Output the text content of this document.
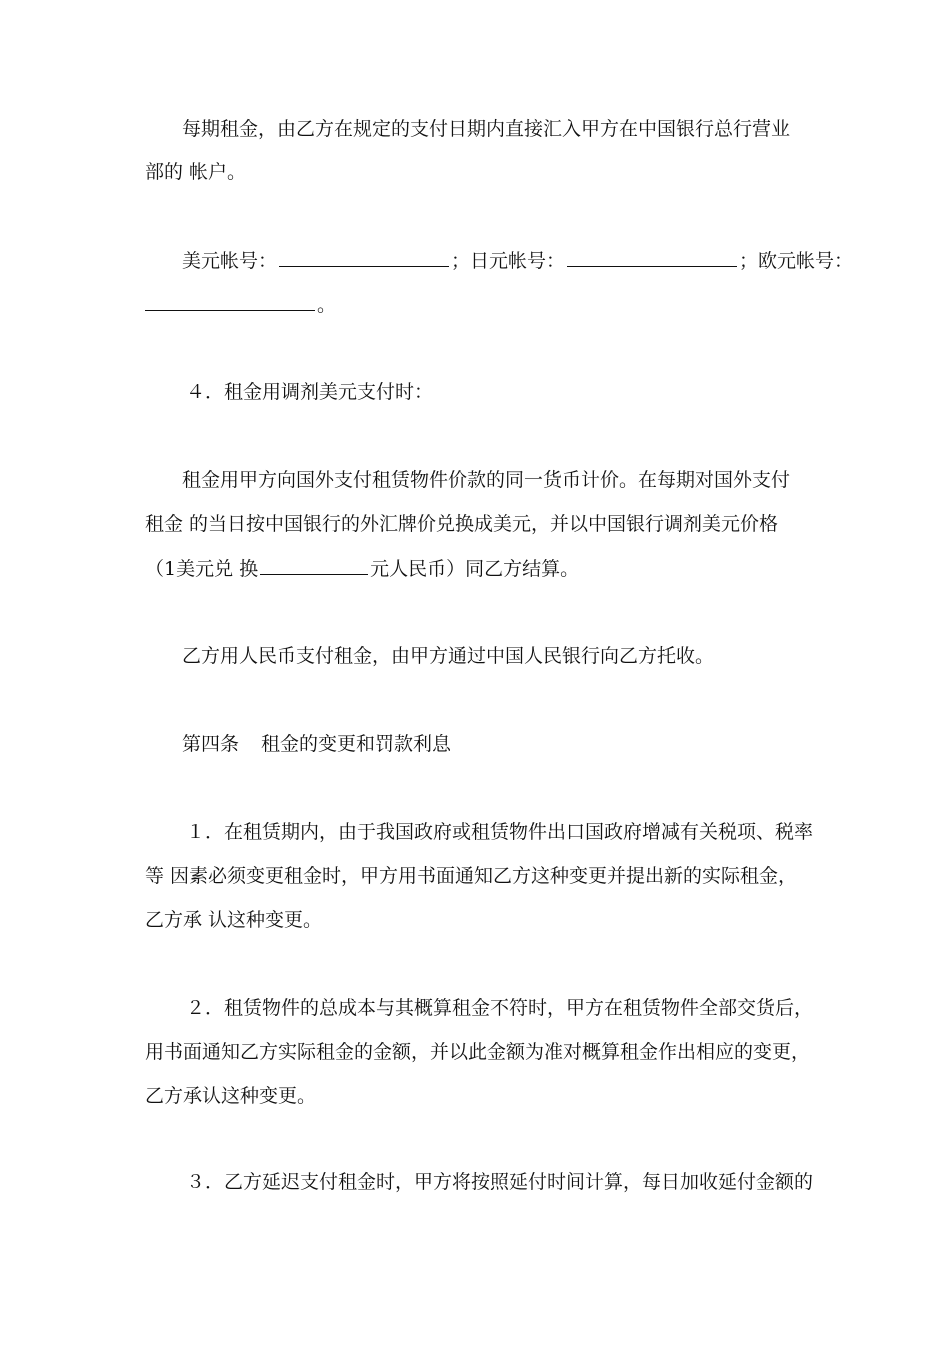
每期租金，由乙方在规定的支付日期内直接汇入甲方在中国银行总行营业
部的 帐户。
美元帐号：	；日元帐号：	；欧元帐号：
。
４．租金用调剂美元支付时：
租金用甲方向国外支付租赁物件价款的同一货币计价。在每期对国外支付
租金 的当日按中国银行的外汇牌价兑换成美元，并以中国银行调剂美元价格
（1美元兑 换	元人民币）同乙方结算。
乙方用人民币支付租金，由甲方通过中国人民银行向乙方托收。
第四条 租金的变更和罚款利息
１．在租赁期内，由于我国政府或租赁物件出口国政府增减有关税项、税率
等 因素必须变更租金时，甲方用书面通知乙方这种变更并提出新的实际租金，
乙方承 认这种变更。
２．租赁物件的总成本与其概算租金不符时，甲方在租赁物件全部交货后，
用书面通知乙方实际租金的金额，并以此金额为准对概算租金作出相应的变更，
乙方承认这种变更。
３．乙方延迟支付租金时，甲方将按照延付时间计算，每日加收延付金额的
